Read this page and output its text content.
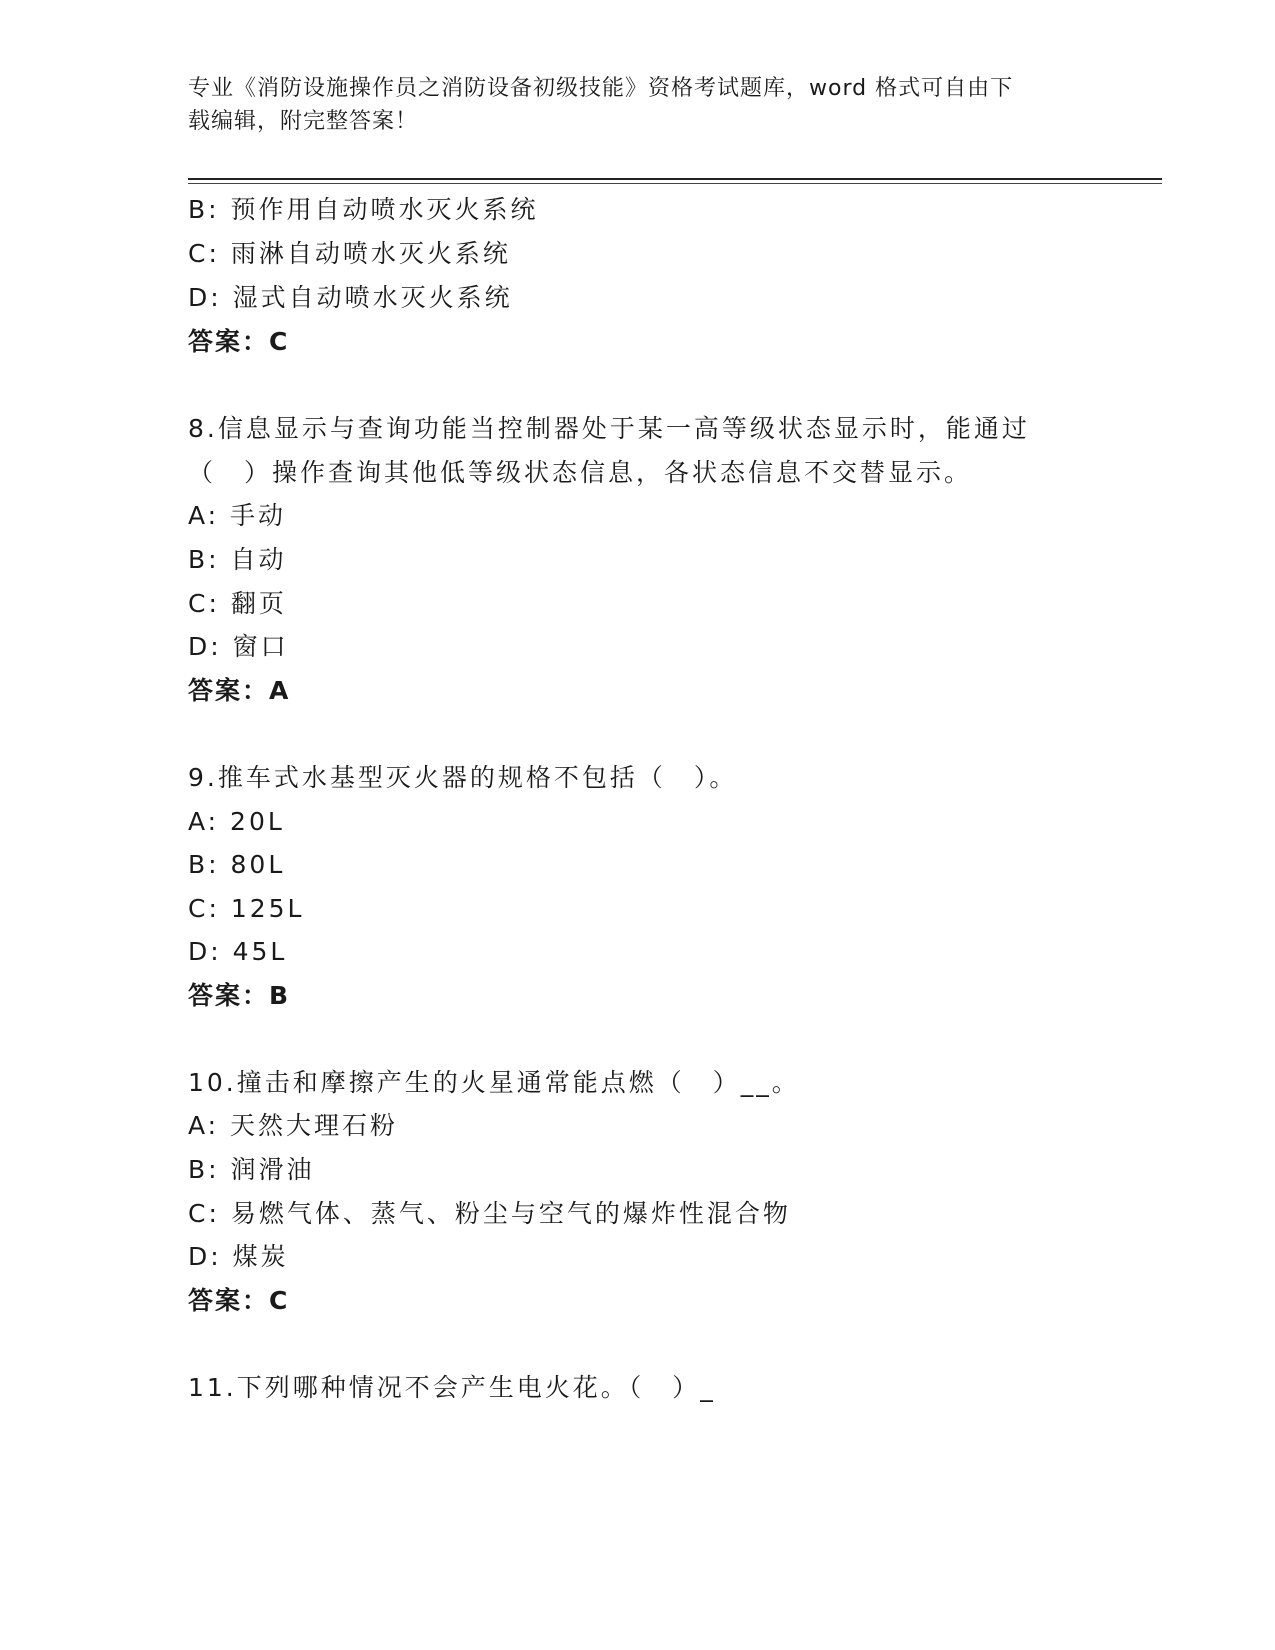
专业《消防设施操作员之消防设备初级技能》资格考试题库，word 格式可自由下
载编辑，附完整答案！
B: 预作用自动喷水灭火系统
C: 雨淋自动喷水灭火系统
D: 湿式自动喷水灭火系统
答案：C
8.信息显示与查询功能当控制器处于某一高等级状态显示时，能通过
（　）操作查询其他低等级状态信息，各状态信息不交替显示。
A: 手动
B: 自动
C: 翻页
D: 窗口
答案：A
9.推车式水基型灭火器的规格不包括（　）。
A: 20L
B: 80L
C: 125L
D: 45L
答案：B
10.撞击和摩擦产生的火星通常能点燃（　）__。
A: 天然大理石粉
B: 润滑油
C: 易燃气体、蒸气、粉尘与空气的爆炸性混合物
D: 煤炭
答案：C
11.下列哪种情况不会产生电火花。（　）_
